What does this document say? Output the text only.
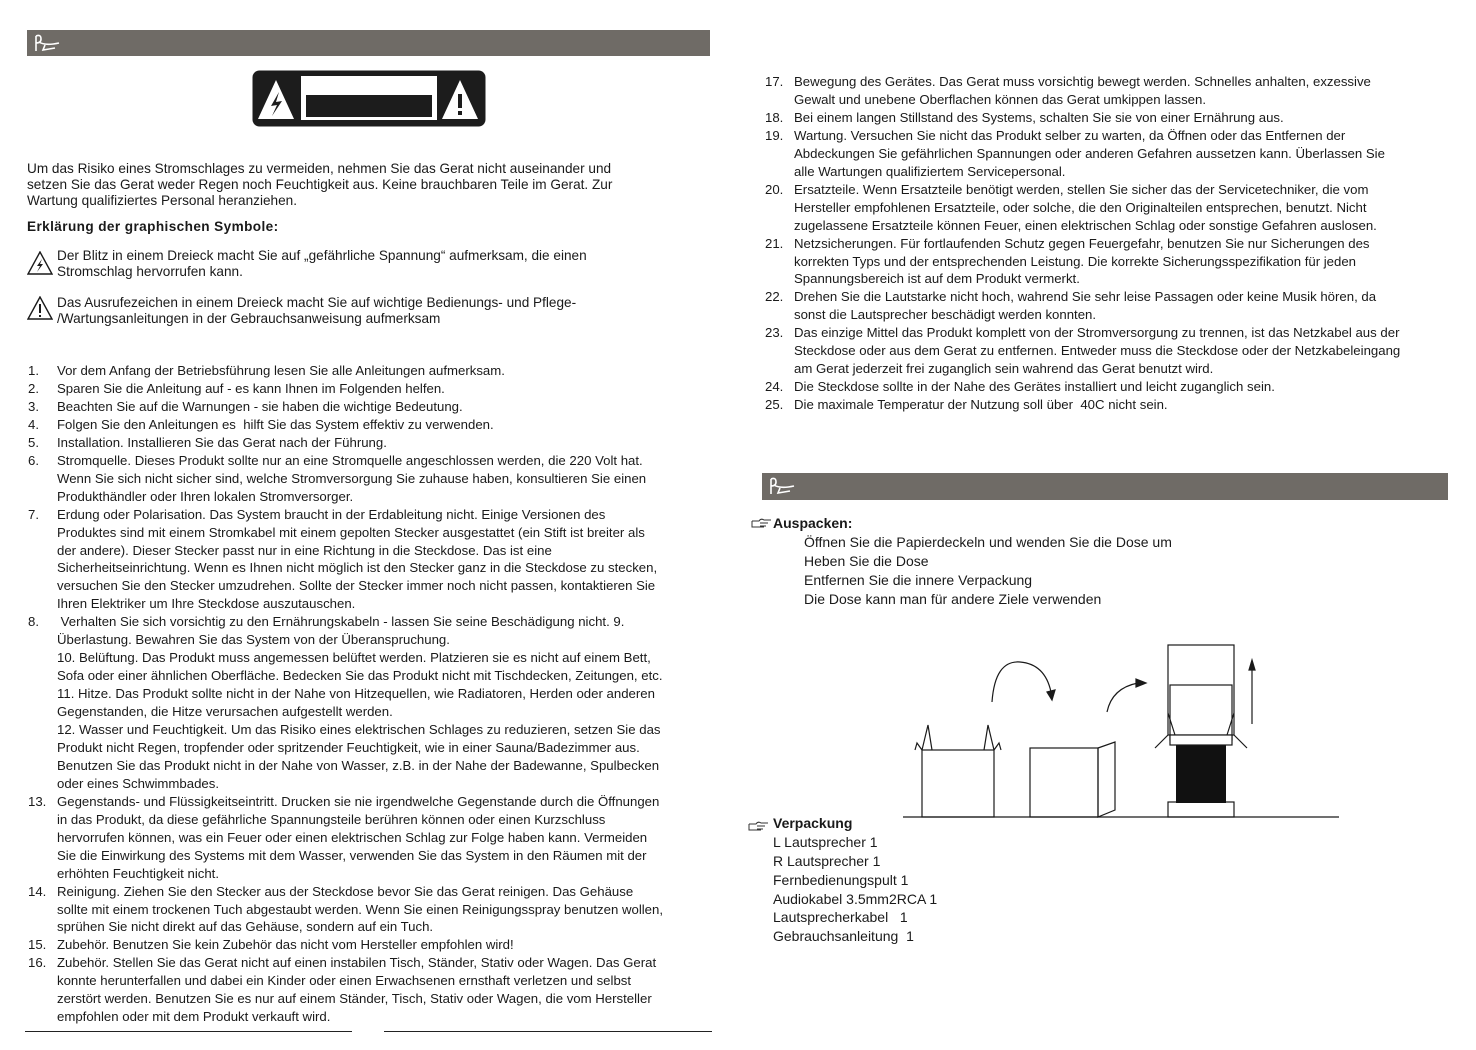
Um das Risiko eines Stromschlages zu vermeiden, nehmen Sie das Gerat nicht auseinander und

setzen Sie das Gerat weder Regen noch Feuchtigkeit aus. Keine brauchbaren Teile im Gerat. Zur

Wartung qualifiziertes Personal heranziehen.

Erklärung der graphischen Symbole:
Der Blitz in einem Dreieck macht Sie auf „gefährliche Spannung“ aufmerksam, die einen
Stromschlag hervorrufen kann.
Das Ausrufezeichen in einem Dreieck macht Sie auf wichtige Bedienungs- und Pflege-
/Wartungsanleitungen in der Gebrauchsanweisung aufmerksam
1. Vor dem Anfang der Betriebsführung lesen Sie alle Anleitungen aufmerksam.
2. Sparen Sie die Anleitung auf - es kann Ihnen im Folgenden helfen.
3. Beachten Sie auf die Warnungen - sie haben die wichtige Bedeutung.
4. Folgen Sie den Anleitungen es  hilft Sie das System effektiv zu verwenden.
5. Installation. Installieren Sie das Gerat nach der Führung.
6. Stromquelle. Dieses Produkt sollte nur an eine Stromquelle angeschlossen werden, die 220 Volt hat.
Wenn Sie sich nicht sicher sind, welche Stromversorgung Sie zuhause haben, konsultieren Sie einen
Produkthändler oder Ihren lokalen Stromversorger.
7. Erdung oder Polarisation. Das System braucht in der Erdableitung nicht. Einige Versionen des
Produktes sind mit einem Stromkabel mit einem gepolten Stecker ausgestattet (ein Stift ist breiter als
der andere). Dieser Stecker passt nur in eine Richtung in die Steckdose. Das ist eine
Sicherheitseinrichtung. Wenn es Ihnen nicht möglich ist den Stecker ganz in die Steckdose zu stecken,
versuchen Sie den Stecker umzudrehen. Sollte der Stecker immer noch nicht passen, kontaktieren Sie
Ihren Elektriker um Ihre Steckdose auszutauschen.
8. Verhalten Sie sich vorsichtig zu den Ernährungskabeln - lassen Sie seine Beschädigung nicht. 9.
Überlastung. Bewahren Sie das System von der Überanspruchung.
10. Belüftung. Das Produkt muss angemessen belüftet werden. Platzieren sie es nicht auf einem Bett,
Sofa oder einer ähnlichen Oberfläche. Bedecken Sie das Produkt nicht mit Tischdecken, Zeitungen, etc.
11. Hitze. Das Produkt sollte nicht in der Nahe von Hitzequellen, wie Radiatoren, Herden oder anderen
Gegenstanden, die Hitze verursachen aufgestellt werden.
12. Wasser und Feuchtigkeit. Um das Risiko eines elektrischen Schlages zu reduzieren, setzen Sie das
Produkt nicht Regen, tropfender oder spritzender Feuchtigkeit, wie in einer Sauna/Badezimmer aus.
Benutzen Sie das Produkt nicht in der Nahe von Wasser, z.B. in der Nahe der Badewanne, Spulbecken
oder eines Schwimmbades.
13. Gegenstands- und Flüssigkeitseintritt. Drucken sie nie irgendwelche Gegenstande durch die Öffnungen
in das Produkt, da diese gefährliche Spannungsteile berühren können oder einen Kurzschluss
hervorrufen können, was ein Feuer oder einen elektrischen Schlag zur Folge haben kann. Vermeiden
Sie die Einwirkung des Systems mit dem Wasser, verwenden Sie das System in den Räumen mit der
erhöhten Feuchtigkeit nicht.
14. Reinigung. Ziehen Sie den Stecker aus der Steckdose bevor Sie das Gerat reinigen. Das Gehäuse
sollte mit einem trockenen Tuch abgestaubt werden. Wenn Sie einen Reinigungsspray benutzen wollen,
sprühen Sie nicht direkt auf das Gehäuse, sondern auf ein Tuch.
15. Zubehör. Benutzen Sie kein Zubehör das nicht vom Hersteller empfohlen wird!
16. Zubehör. Stellen Sie das Gerat nicht auf einen instabilen Tisch, Ständer, Stativ oder Wagen. Das Gerat
konnte herunterfallen und dabei ein Kinder oder einen Erwachsenen ernsthaft verletzen und selbst
zerstört werden. Benutzen Sie es nur auf einem Ständer, Tisch, Stativ oder Wagen, die vom Hersteller
empfohlen oder mit dem Produkt verkauft wird.
17. Bewegung des Gerätes. Das Gerat muss vorsichtig bewegt werden. Schnelles anhalten, exzessive
Gewalt und unebene Oberflachen können das Gerat umkippen lassen.
18. Bei einem langen Stillstand des Systems, schalten Sie sie von einer Ernährung aus.
19. Wartung. Versuchen Sie nicht das Produkt selber zu warten, da Öffnen oder das Entfernen der
Abdeckungen Sie gefährlichen Spannungen oder anderen Gefahren aussetzen kann. Überlassen Sie
alle Wartungen qualifiziertem Servicepersonal.
20. Ersatzteile. Wenn Ersatzteile benötigt werden, stellen Sie sicher das der Servicetechniker, die vom
Hersteller empfohlenen Ersatzteile, oder solche, die den Originalteilen entsprechen, benutzt. Nicht
zugelassene Ersatzteile können Feuer, einen elektrischen Schlag oder sonstige Gefahren auslosen.
21. Netzsicherungen. Für fortlaufenden Schutz gegen Feuergefahr, benutzen Sie nur Sicherungen des
korrekten Typs und der entsprechenden Leistung. Die korrekte Sicherungsspezifikation für jeden
Spannungsbereich ist auf dem Produkt vermerkt.
22. Drehen Sie die Lautstarke nicht hoch, wahrend Sie sehr leise Passagen oder keine Musik hören, da
sonst die Lautsprecher beschädigt werden konnten.
23. Das einzige Mittel das Produkt komplett von der Stromversorgung zu trennen, ist das Netzkabel aus der
Steckdose oder aus dem Gerat zu entfernen. Entweder muss die Steckdose oder der Netzkabeleingang
am Gerat jederzeit frei zuganglich sein wahrend das Gerat benutzt wird.
24. Die Steckdose sollte in der Nahe des Gerätes installiert und leicht zuganglich sein.
25. Die maximale Temperatur der Nutzung soll über  40C nicht sein.
Auspacken:
Öffnen Sie die Papierdeckeln und wenden Sie die Dose um
Heben Sie die Dose
Entfernen Sie die innere Verpackung
Die Dose kann man für andere Ziele verwenden
Verpackung
L Lautsprecher 1
R Lautsprecher 1
Fernbedienungspult 1
Audiokabel 3.5mm2RCA 1
Lautsprecherkabel   1
Gebrauchsanleitung  1
